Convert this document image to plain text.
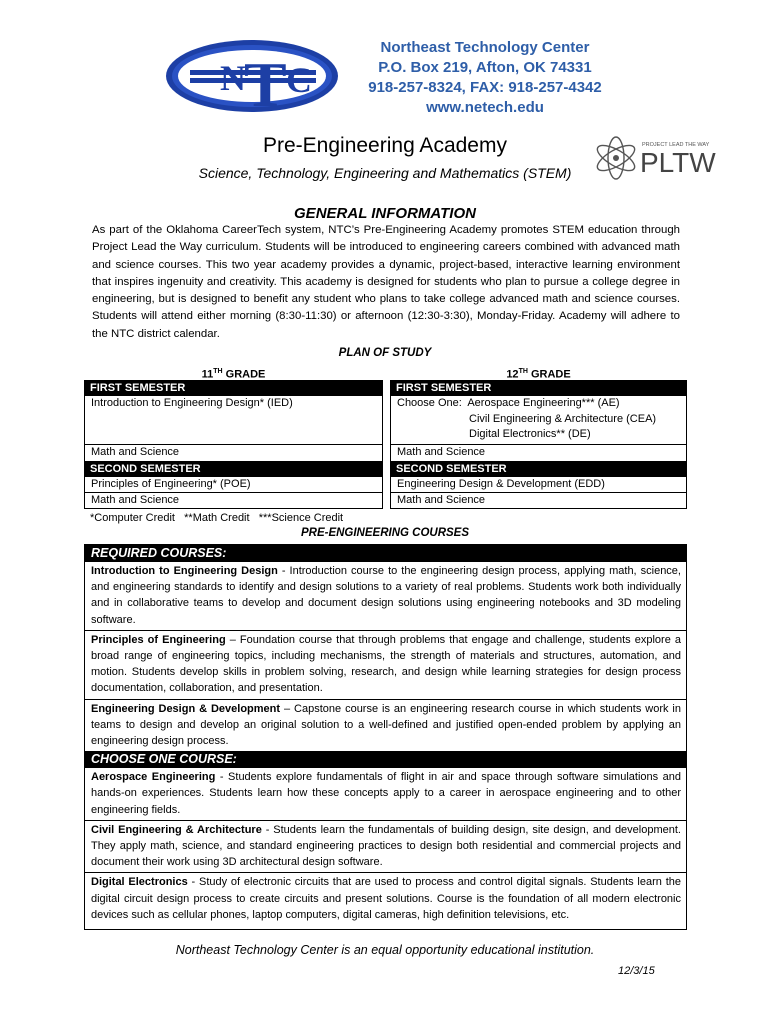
N
T C
Northeast Technology Center
P.O. Box 219, Afton, OK 74331
918-257-8324, FAX: 918-257-4342
www.netech.edu
PROJECT LEAD THE WAY
PLTW
Pre-Engineering Academy
Science, Technology, Engineering and Mathematics (STEM)
GENERAL INFORMATION
As part of the Oklahoma CareerTech system, NTC’s Pre-Engineering Academy promotes STEM education through Project Lead the Way curriculum. Students will be introduced to engineering careers combined with advanced math and science courses. This two year academy provides a dynamic, project-based, interactive learning environment that inspires ingenuity and creativity. This academy is designed for students who plan to pursue a college degree in engineering, but is designed to benefit any student who plans to take college advanced math and science courses. Students will attend either morning (8:30-11:30) or afternoon (12:30-3:30), Monday-Friday. Academy will adhere to the NTC district calendar.
PLAN OF STUDY
11TH GRADE
FIRST SEMESTER
Introduction to Engineering Design* (IED)
Math and Science
SECOND SEMESTER
Principles of Engineering* (POE)
Math and Science
12TH GRADE
FIRST SEMESTER
Choose One:  Aerospace Engineering*** (AE)
Civil Engineering & Architecture (CEA)
Digital Electronics** (DE)
Math and Science
SECOND SEMESTER
Engineering Design & Development (EDD)
Math and Science
*Computer Credit   **Math Credit   ***Science Credit
PRE-ENGINEERING COURSES
REQUIRED COURSES:
Introduction to Engineering Design - Introduction course to the engineering design process, applying math, science, and engineering standards to identify and design solutions to a variety of real problems. Students work both individually and in collaborative teams to develop and document design solutions using engineering notebooks and 3D modeling software.
Principles of Engineering – Foundation course that through problems that engage and challenge, students explore a broad range of engineering topics, including mechanisms, the strength of materials and structures, automation, and motion. Students develop skills in problem solving, research, and design while learning strategies for design process documentation, collaboration, and presentation.
Engineering Design & Development – Capstone course is an engineering research course in which students work in teams to design and develop an original solution to a well-defined and justified open-ended problem by applying an engineering design process.
CHOOSE ONE COURSE:
Aerospace Engineering - Students explore fundamentals of flight in air and space through software simulations and hands-on experiences. Students learn how these concepts apply to a career in aerospace engineering and to other engineering fields.
Civil Engineering & Architecture - Students learn the fundamentals of building design, site design, and development. They apply math, science, and standard engineering practices to design both residential and commercial projects and document their work using 3D architectural design software.
Digital Electronics - Study of electronic circuits that are used to process and control digital signals. Students learn the digital circuit design process to create circuits and present solutions. Course is the foundation of all modern electronic devices such as cellular phones, laptop computers, digital cameras, high definition televisions, etc.
Northeast Technology Center is an equal opportunity educational institution.
12/3/15
